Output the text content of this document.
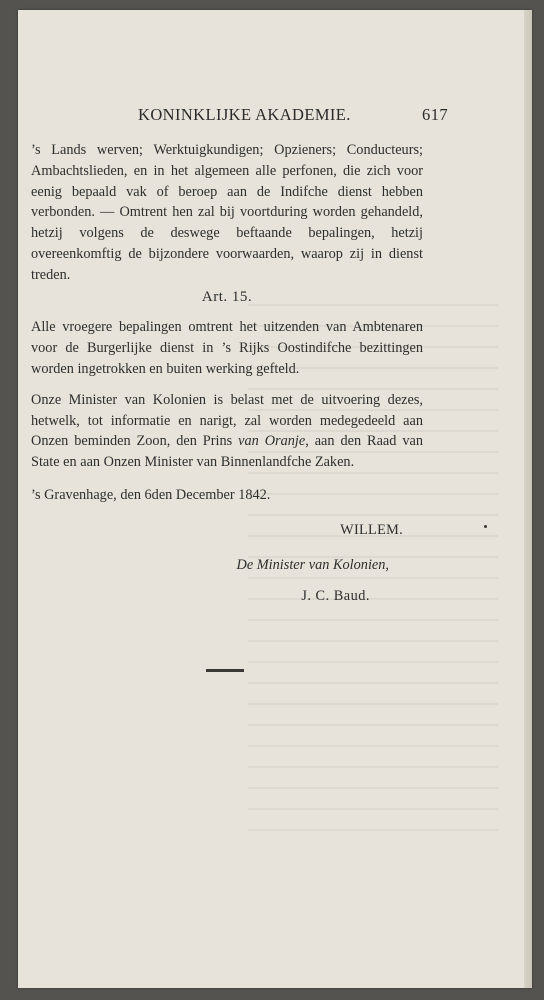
KONINKLIJKE AKADEMIE.	617

’s Lands werven; Werktuigkundigen; Opzieners; Conducteurs; Ambachtslieden, en in het algemeen alle perfonen, die zich voor eenig bepaald vak of beroep aan de Indifche dienst hebben verbonden. — Omtrent hen zal bij voortduring worden gehandeld, hetzij volgens de deswege beftaande bepalingen, hetzij overeenkomftig de bijzondere voorwaarden, waarop zij in dienst treden.

Art. 15.

Alle vroegere bepalingen omtrent het uitzenden van Ambtenaren voor de Burgerlijke dienst in ’s Rijks Oostindifche bezittingen worden ingetrokken en buiten werking gefteld.

Onze Minister van Kolonien is belast met de uitvoering dezes, hetwelk, tot informatie en narigt, zal worden medegedeeld aan Onzen beminden Zoon, den Prins van Oranje, aan den Raad van State en aan Onzen Minister van Binnenlandfche Zaken.

’s Gravenhage, den 6den December 1842.

WILLEM.

De Minister van Kolonien,

J. C. Baud.
